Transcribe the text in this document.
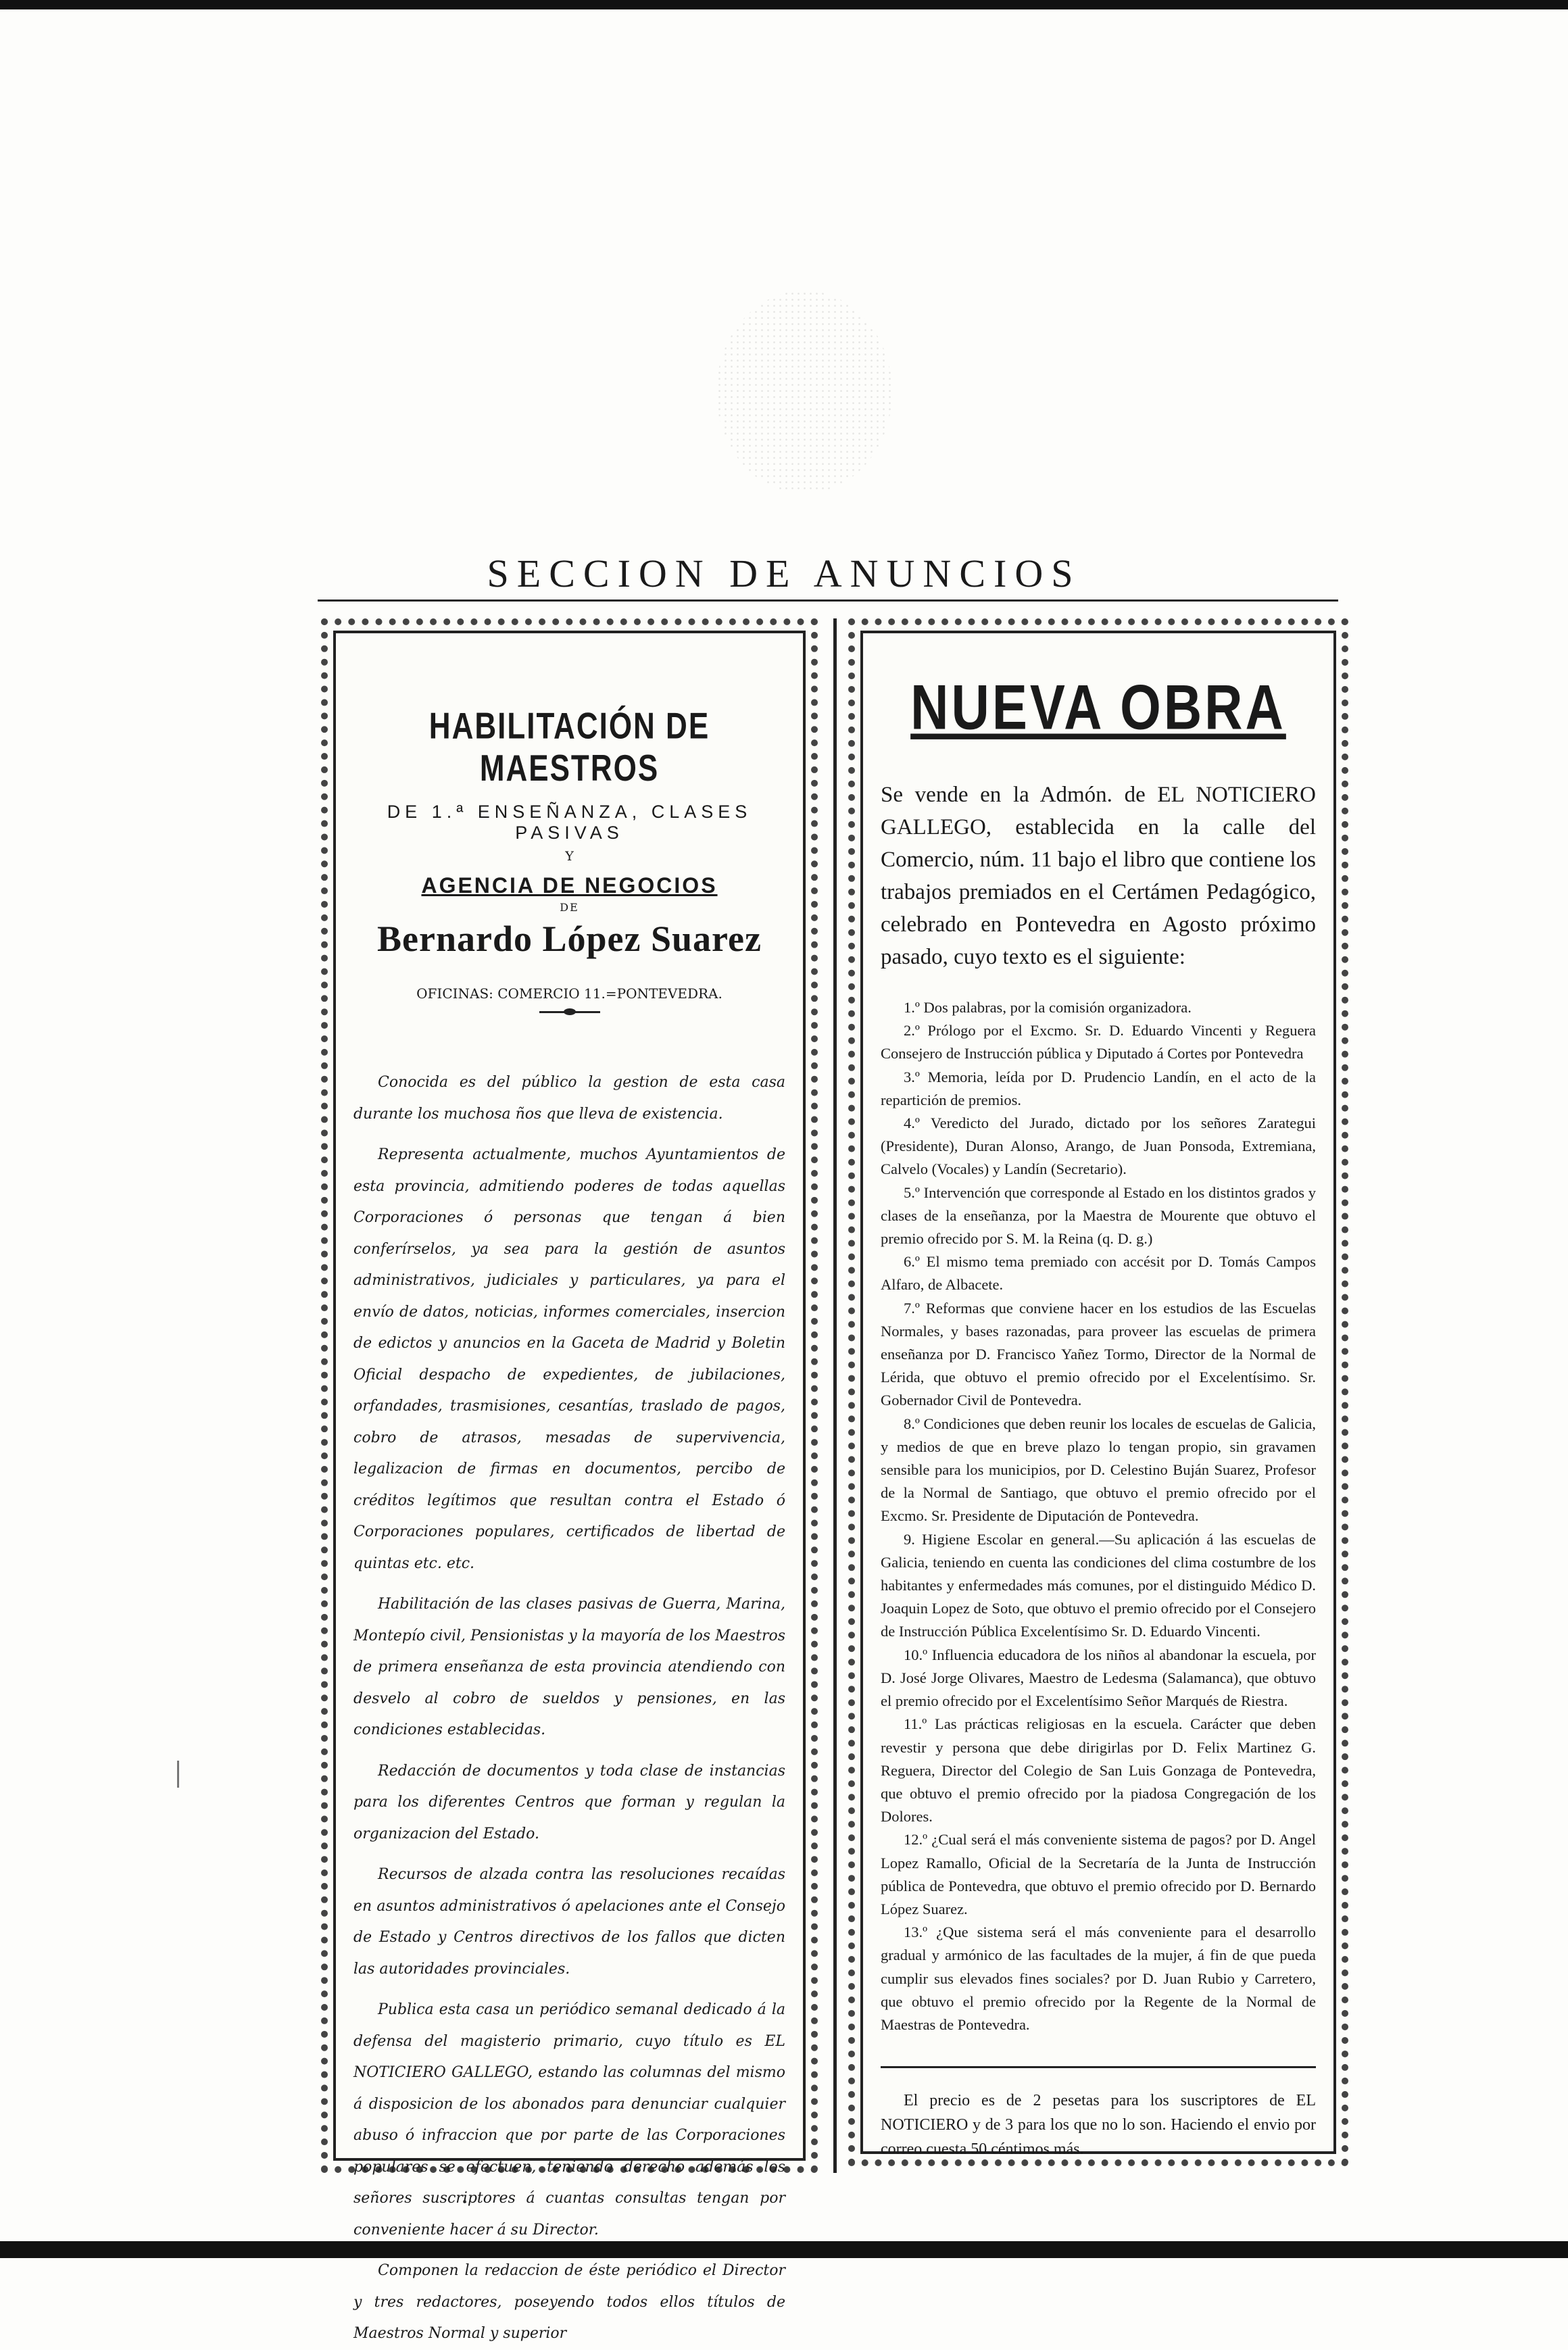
SECCION DE ANUNCIOS
HABILITACIÓN DE MAESTROS
DE 1.ª ENSEÑANZA, CLASES PASIVAS
Y
AGENCIA DE NEGOCIOS
DE
Bernardo López Suarez
OFICINAS: COMERCIO 11.=PONTEVEDRA.

Conocida es del público la gestion de esta casa durante los muchosa ños que lleva de existencia.

Representa actualmente, muchos Ayuntamientos de esta provincia, admitiendo poderes de todas aquellas Corporaciones ó personas que tengan á bien conferírselos, ya sea para la gestión de asuntos administrativos, judiciales y particulares, ya para el envío de datos, noticias, informes comerciales, insercion de edictos y anuncios en la Gaceta de Madrid y Boletin Oficial despacho de expedientes, de jubilaciones, orfandades, trasmisiones, cesantías, traslado de pagos, cobro de atrasos, mesadas de supervivencia, legalizacion de firmas en documentos, percibo de créditos legítimos que resultan contra el Estado ó Corporaciones populares, certificados de libertad de quintas etc. etc.

Habilitación de las clases pasivas de Guerra, Marina, Montepío civil, Pensionistas y la mayoría de los Maestros de primera enseñanza de esta provincia atendiendo con desvelo al cobro de sueldos y pensiones, en las condiciones establecidas.

Redacción de documentos y toda clase de instancias para los diferentes Centros que forman y regulan la organizacion del Estado.

Recursos de alzada contra las resoluciones recaídas en asuntos administrativos ó apelaciones ante el Consejo de Estado y Centros directivos de los fallos que dicten las autoridades provinciales.

Publica esta casa un periódico semanal dedicado á la defensa del magisterio primario, cuyo título es EL NOTICIERO GALLEGO, estando las columnas del mismo á disposicion de los abonados para denunciar cualquier abuso ó infraccion que por parte de las Corporaciones populares se efectuen, teniendo derecho además los señores suscriptores á cuantas consultas tengan por conveniente hacer á su Director.

Componen la redaccion de éste periódico el Director y tres redactores, poseyendo todos ellos títulos de Maestros Normal y superior

NUEVA OBRA
Se vende en la Admón. de EL NOTICIERO GALLEGO, establecida en la calle del Comercio, núm. 11 bajo el libro que contiene los trabajos premiados en el Certámen Pedagógico, celebrado en Pontevedra en Agosto próximo pasado, cuyo texto es el siguiente:

1.º Dos palabras, por la comisión organizadora.

2.º Prólogo por el Excmo. Sr. D. Eduardo Vincenti y Reguera Consejero de Instrucción pública y Diputado á Cortes por Pontevedra

3.º Memoria, leída por D. Prudencio Landín, en el acto de la repartición de premios.

4.º Veredicto del Jurado, dictado por los señores Zarategui (Presidente), Duran Alonso, Arango, de Juan Ponsoda, Extremiana, Calvelo (Vocales) y Landín (Secretario).

5.º Intervención que corresponde al Estado en los distintos grados y clases de la enseñanza, por la Maestra de Mourente que obtuvo el premio ofrecido por S. M. la Reina (q. D. g.)

6.º El mismo tema premiado con accésit por D. Tomás Campos Alfaro, de Albacete.

7.º Reformas que conviene hacer en los estudios de las Escuelas Normales, y bases razonadas, para proveer las escuelas de primera enseñanza por D. Francisco Yañez Tormo, Director de la Normal de Lérida, que obtuvo el premio ofrecido por el Excelentísimo. Sr. Gobernador Civil de Pontevedra.

8.º Condiciones que deben reunir los locales de escuelas de Galicia, y medios de que en breve plazo lo tengan propio, sin gravamen sensible para los municipios, por D. Celestino Buján Suarez, Profesor de la Normal de Santiago, que obtuvo el premio ofrecido por el Excmo. Sr. Presidente de Diputación de Pontevedra.

9. Higiene Escolar en general.—Su aplicación á las escuelas de Galicia, teniendo en cuenta las condiciones del clima costumbre de los habitantes y enfermedades más comunes, por el distinguido Médico D. Joaquin Lopez de Soto, que obtuvo el premio ofrecido por el Consejero de Instrucción Pública Excelentísimo Sr. D. Eduardo Vincenti.

10.º Influencia educadora de los niños al abandonar la escuela, por D. José Jorge Olivares, Maestro de Ledesma (Salamanca), que obtuvo el premio ofrecido por el Excelentísimo Señor Marqués de Riestra.

11.º Las prácticas religiosas en la escuela. Carácter que deben revestir y persona que debe dirigirlas por D. Felix Martinez G. Reguera, Director del Colegio de San Luis Gonzaga de Pontevedra, que obtuvo el premio ofrecido por la piadosa Congregación de los Dolores.

12.º ¿Cual será el más conveniente sistema de pagos? por D. Angel Lopez Ramallo, Oficial de la Secretaría de la Junta de Instrucción pública de Pontevedra, que obtuvo el premio ofrecido por D. Bernardo López Suarez.

13.º ¿Que sistema será el más conveniente para el desarrollo gradual y armónico de las facultades de la mujer, á fin de que pueda cumplir sus elevados fines sociales? por D. Juan Rubio y Carretero, que obtuvo el premio ofrecido por la Regente de la Normal de Maestras de Pontevedra.

El precio es de 2 pesetas para los suscriptores de EL NOTICIERO y de 3 para los que no lo son. Haciendo el envio por correo cuesta 50 céntimos más.
